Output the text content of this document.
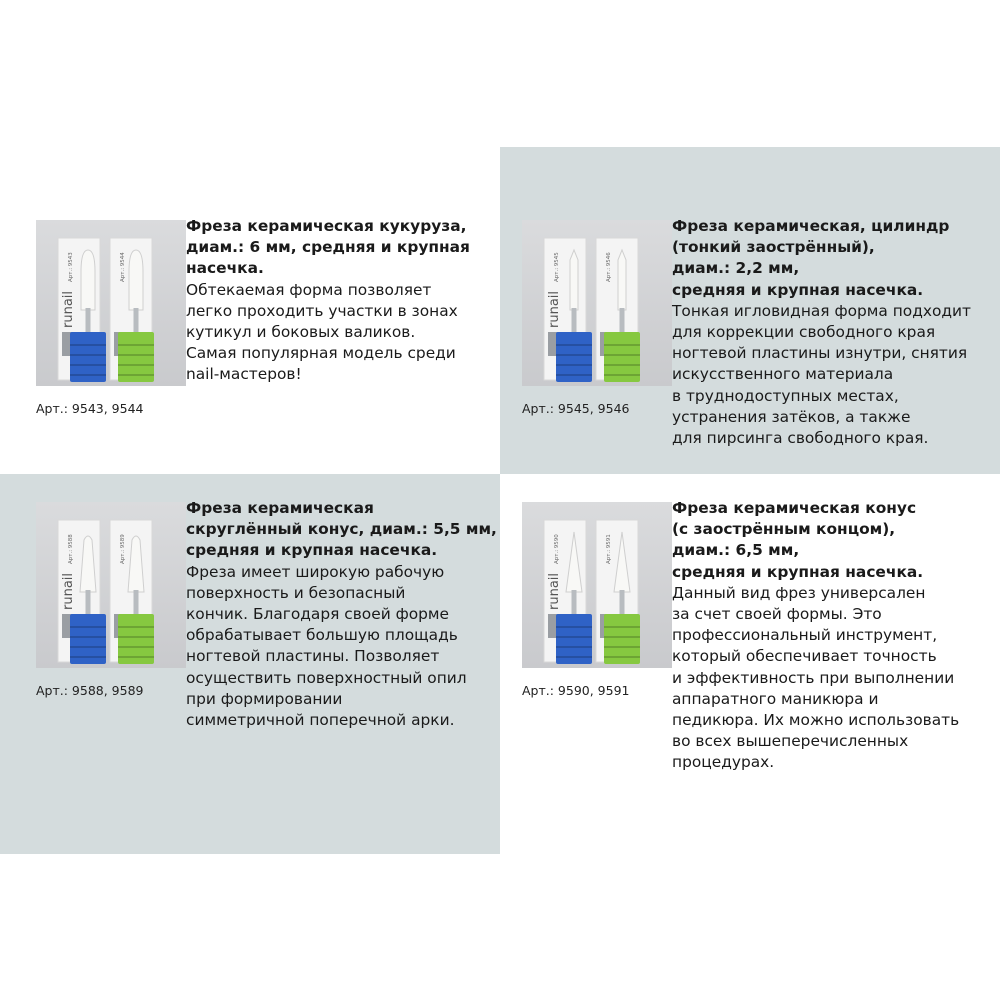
Арт.: 9543
runail
Арт.: 9544
Арт.: 9543, 9544
Фреза керамическая кукуруза,
диам.: 6 мм, средняя и крупная
насечка.
Обтекаемая форма позволяет
легко проходить участки в зонах
кутикул и боковых валиков.
Самая популярная модель среди
nail-мастеров!
Арт.: 9545
runail
Арт.: 9546
Арт.: 9545, 9546
Фреза керамическая, цилиндр
(тонкий заострённый),
диам.: 2,2 мм,
средняя и крупная насечка.
Тонкая игловидная форма подходит
для коррекции свободного края
ногтевой пластины изнутри, снятия
искусственного материала
в труднодоступных местах,
устранения затёков, а также
для пирсинга свободного края.
Арт.: 9588
runail
Арт.: 9589
Арт.: 9588, 9589
Фреза керамическая
скруглённый конус, диам.: 5,5 мм,
средняя и крупная насечка.
Фреза имеет широкую рабочую
поверхность и безопасный
кончик. Благодаря своей форме
обрабатывает большую площадь
ногтевой пластины. Позволяет
осуществить поверхностный опил
при формировании
симметричной поперечной арки.
Арт.: 9590
runail
Арт.: 9591
Арт.: 9590, 9591
Фреза керамическая конус
(с заострённым концом),
диам.: 6,5 мм,
средняя и крупная насечка.
Данный вид фрез универсален
за счет своей формы. Это
профессиональный инструмент,
который обеспечивает точность
и эффективность при выполнении
аппаратного маникюра и
педикюра. Их можно использовать
во всех вышеперечисленных
процедурах.
